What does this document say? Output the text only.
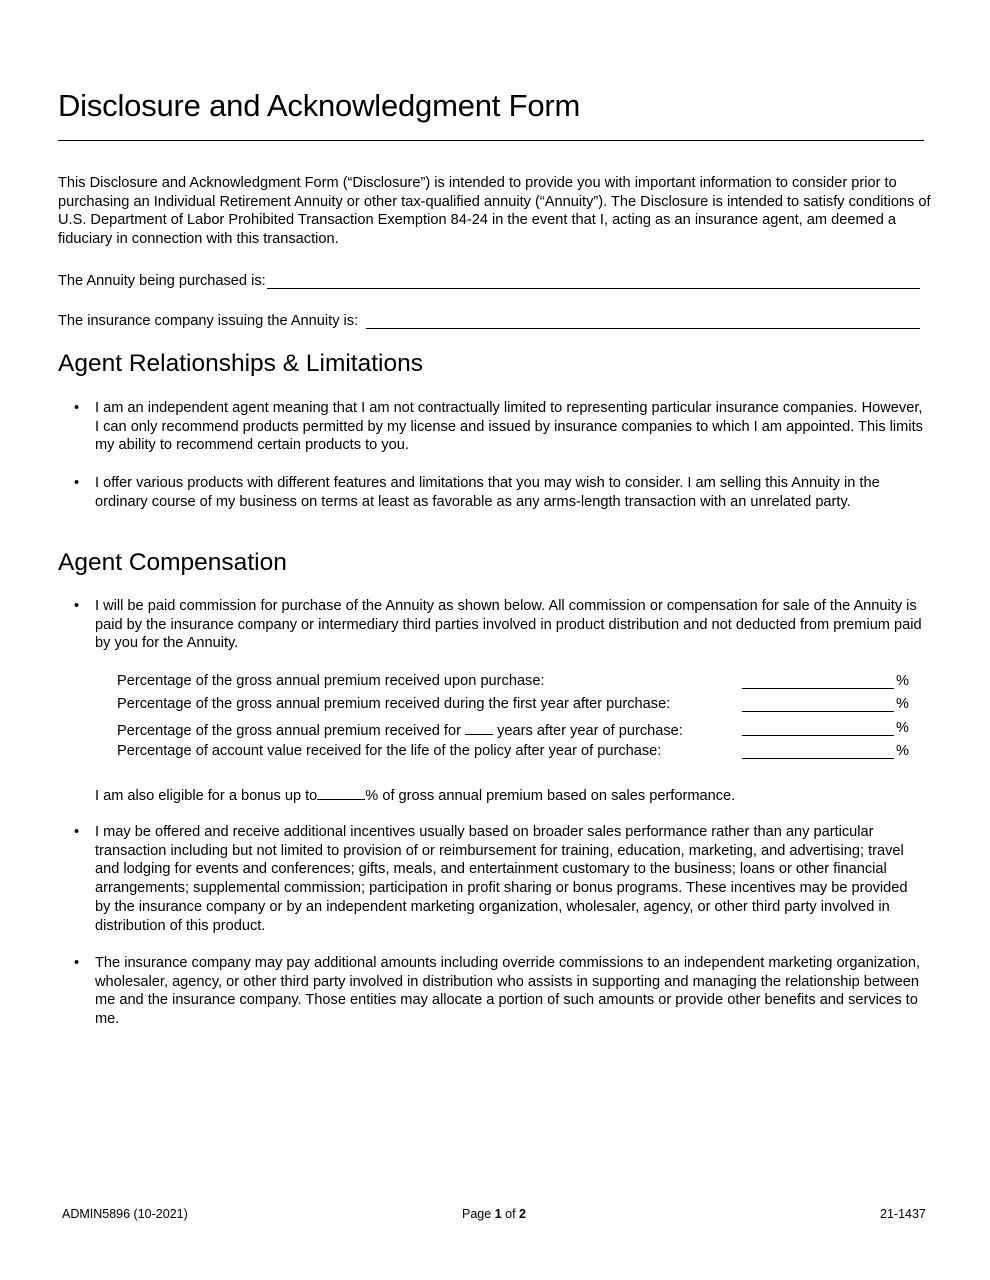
Disclosure and Acknowledgment Form

This Disclosure and Acknowledgment Form (“Disclosure”) is intended to provide you with important information to consider prior to purchasing an Individual Retirement Annuity or other tax-qualified annuity (“Annuity”). The Disclosure is intended to satisfy conditions of U.S. Department of Labor Prohibited Transaction Exemption 84-24 in the event that I, acting as an insurance agent, am deemed a fiduciary in connection with this transaction.

The Annuity being purchased is:
The insurance company issuing the Annuity is:
Agent Relationships & Limitations
• I am an independent agent meaning that I am not contractually limited to representing particular insurance companies. However, I can only recommend products permitted by my license and issued by insurance companies to which I am appointed. This limits my ability to recommend certain products to you.

• I offer various products with different features and limitations that you may wish to consider. I am selling this Annuity in the ordinary course of my business on terms at least as favorable as any arms-length transaction with an unrelated party.

Agent Compensation
• I will be paid commission for purchase of the Annuity as shown below. All commission or compensation for sale of the Annuity is paid by the insurance company or intermediary third parties involved in product distribution and not deducted from premium paid by you for the Annuity.

Percentage of the gross annual premium received upon purchase:	%
Percentage of the gross annual premium received during the first year after purchase:	%
Percentage of the gross annual premium received for years after year of purchase:	%
Percentage of account value received for the life of the policy after year of purchase:	%
I am also eligible for a bonus up to	% of gross annual premium based on sales performance.
• I may be offered and receive additional incentives usually based on broader sales performance rather than any particular transaction including but not limited to provision of or reimbursement for training, education, marketing, and advertising; travel and lodging for events and conferences; gifts, meals, and entertainment customary to the business; loans or other financial arrangements; supplemental commission; participation in profit sharing or bonus programs. These incentives may be provided by the insurance company or by an independent marketing organization, wholesaler, agency, or other third party involved in distribution of this product.

• The insurance company may pay additional amounts including override commissions to an independent marketing organization, wholesaler, agency, or other third party involved in distribution who assists in supporting and managing the relationship between me and the insurance company. Those entities may allocate a portion of such amounts or provide other benefits and services to me.

ADMIN5896 (10-2021)	Page 1 of 2	21-1437
